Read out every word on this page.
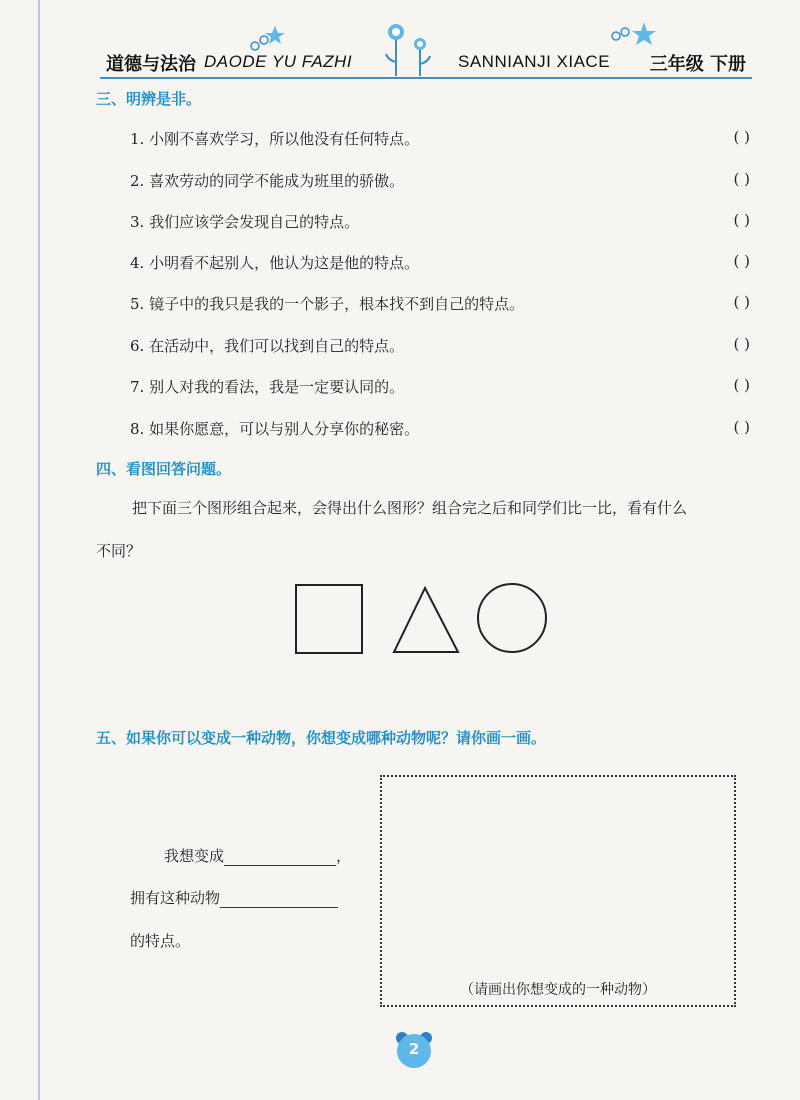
道德与法治 DAODE YU FAZHI	SANNIANJI XIACE 三年级 下册
三、明辨是非。
1. 小刚不喜欢学习，所以他没有任何特点。	( )
2. 喜欢劳动的同学不能成为班里的骄傲。	( )
3. 我们应该学会发现自己的特点。	( )
4. 小明看不起别人，他认为这是他的特点。	( )
5. 镜子中的我只是我的一个影子，根本找不到自己的特点。	( )
6. 在活动中，我们可以找到自己的特点。	( )
7. 别人对我的看法，我是一定要认同的。	( )
8. 如果你愿意，可以与别人分享你的秘密。	( )
四、看图回答问题。
把下面三个图形组合起来，会得出什么图形？组合完之后和同学们比一比，看有什么
不同？
五、如果你可以变成一种动物，你想变成哪种动物呢？请你画一画。
我想变成	，
拥有这种动物
的特点。
（请画出你想变成的一种动物）
2
